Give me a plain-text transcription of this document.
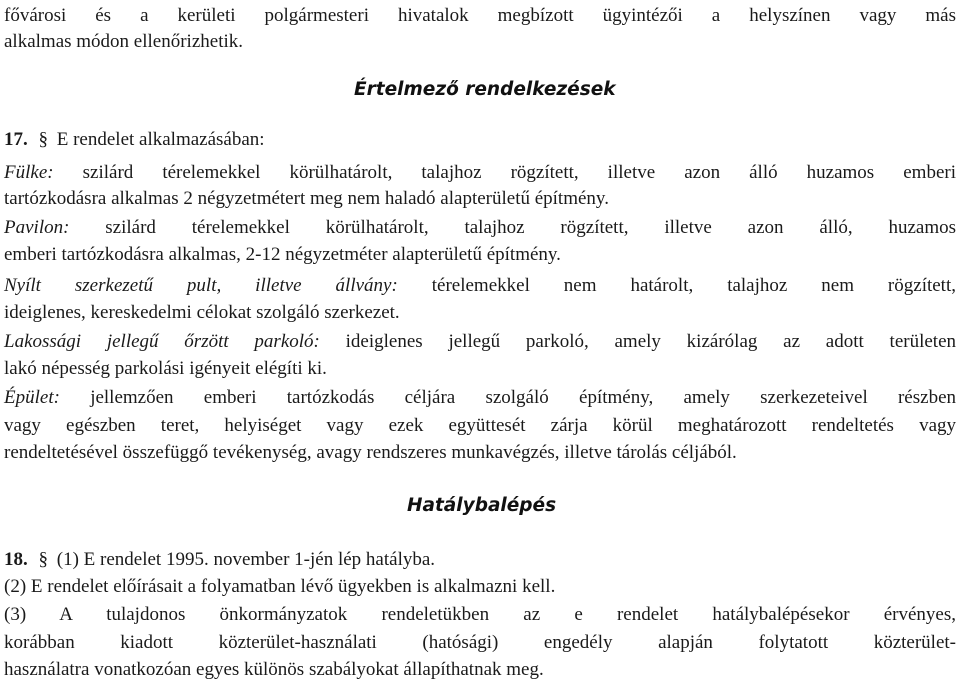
fővárosi és a kerületi polgármesteri hivatalok megbízott ügyintézői a helyszínen vagy más
alkalmas módon ellenőrizhetik.
Értelmező rendelkezések
17. § E rendelet alkalmazásában:
Fülke: szilárd térelemekkel körülhatárolt, talajhoz rögzített, illetve azon álló huzamos emberi
tartózkodásra alkalmas 2 négyzetmétert meg nem haladó alapterületű építmény.
Pavilon: szilárd térelemekkel körülhatárolt, talajhoz rögzített, illetve azon álló, huzamos
emberi tartózkodásra alkalmas, 2-12 négyzetméter alapterületű építmény.
Nyílt szerkezetű pult, illetve állvány: térelemekkel nem határolt, talajhoz nem rögzített,
ideiglenes, kereskedelmi célokat szolgáló szerkezet.
Lakossági jellegű őrzött parkoló: ideiglenes jellegű parkoló, amely kizárólag az adott területen
lakó népesség parkolási igényeit elégíti ki.
Épület: jellemzően emberi tartózkodás céljára szolgáló építmény, amely szerkezeteivel részben
vagy egészben teret, helyiséget vagy ezek együttesét zárja körül meghatározott rendeltetés vagy
rendeltetésével összefüggő tevékenység, avagy rendszeres munkavégzés, illetve tárolás céljából.
Hatálybalépés
18. § (1) E rendelet 1995. november 1-jén lép hatályba.
(2) E rendelet előírásait a folyamatban lévő ügyekben is alkalmazni kell.
(3) A tulajdonos önkormányzatok rendeletükben az e rendelet hatálybalépésekor érvényes,
korábban kiadott közterület-használati (hatósági) engedély alapján folytatott közterület-
használatra vonatkozóan egyes különös szabályokat állapíthatnak meg.
